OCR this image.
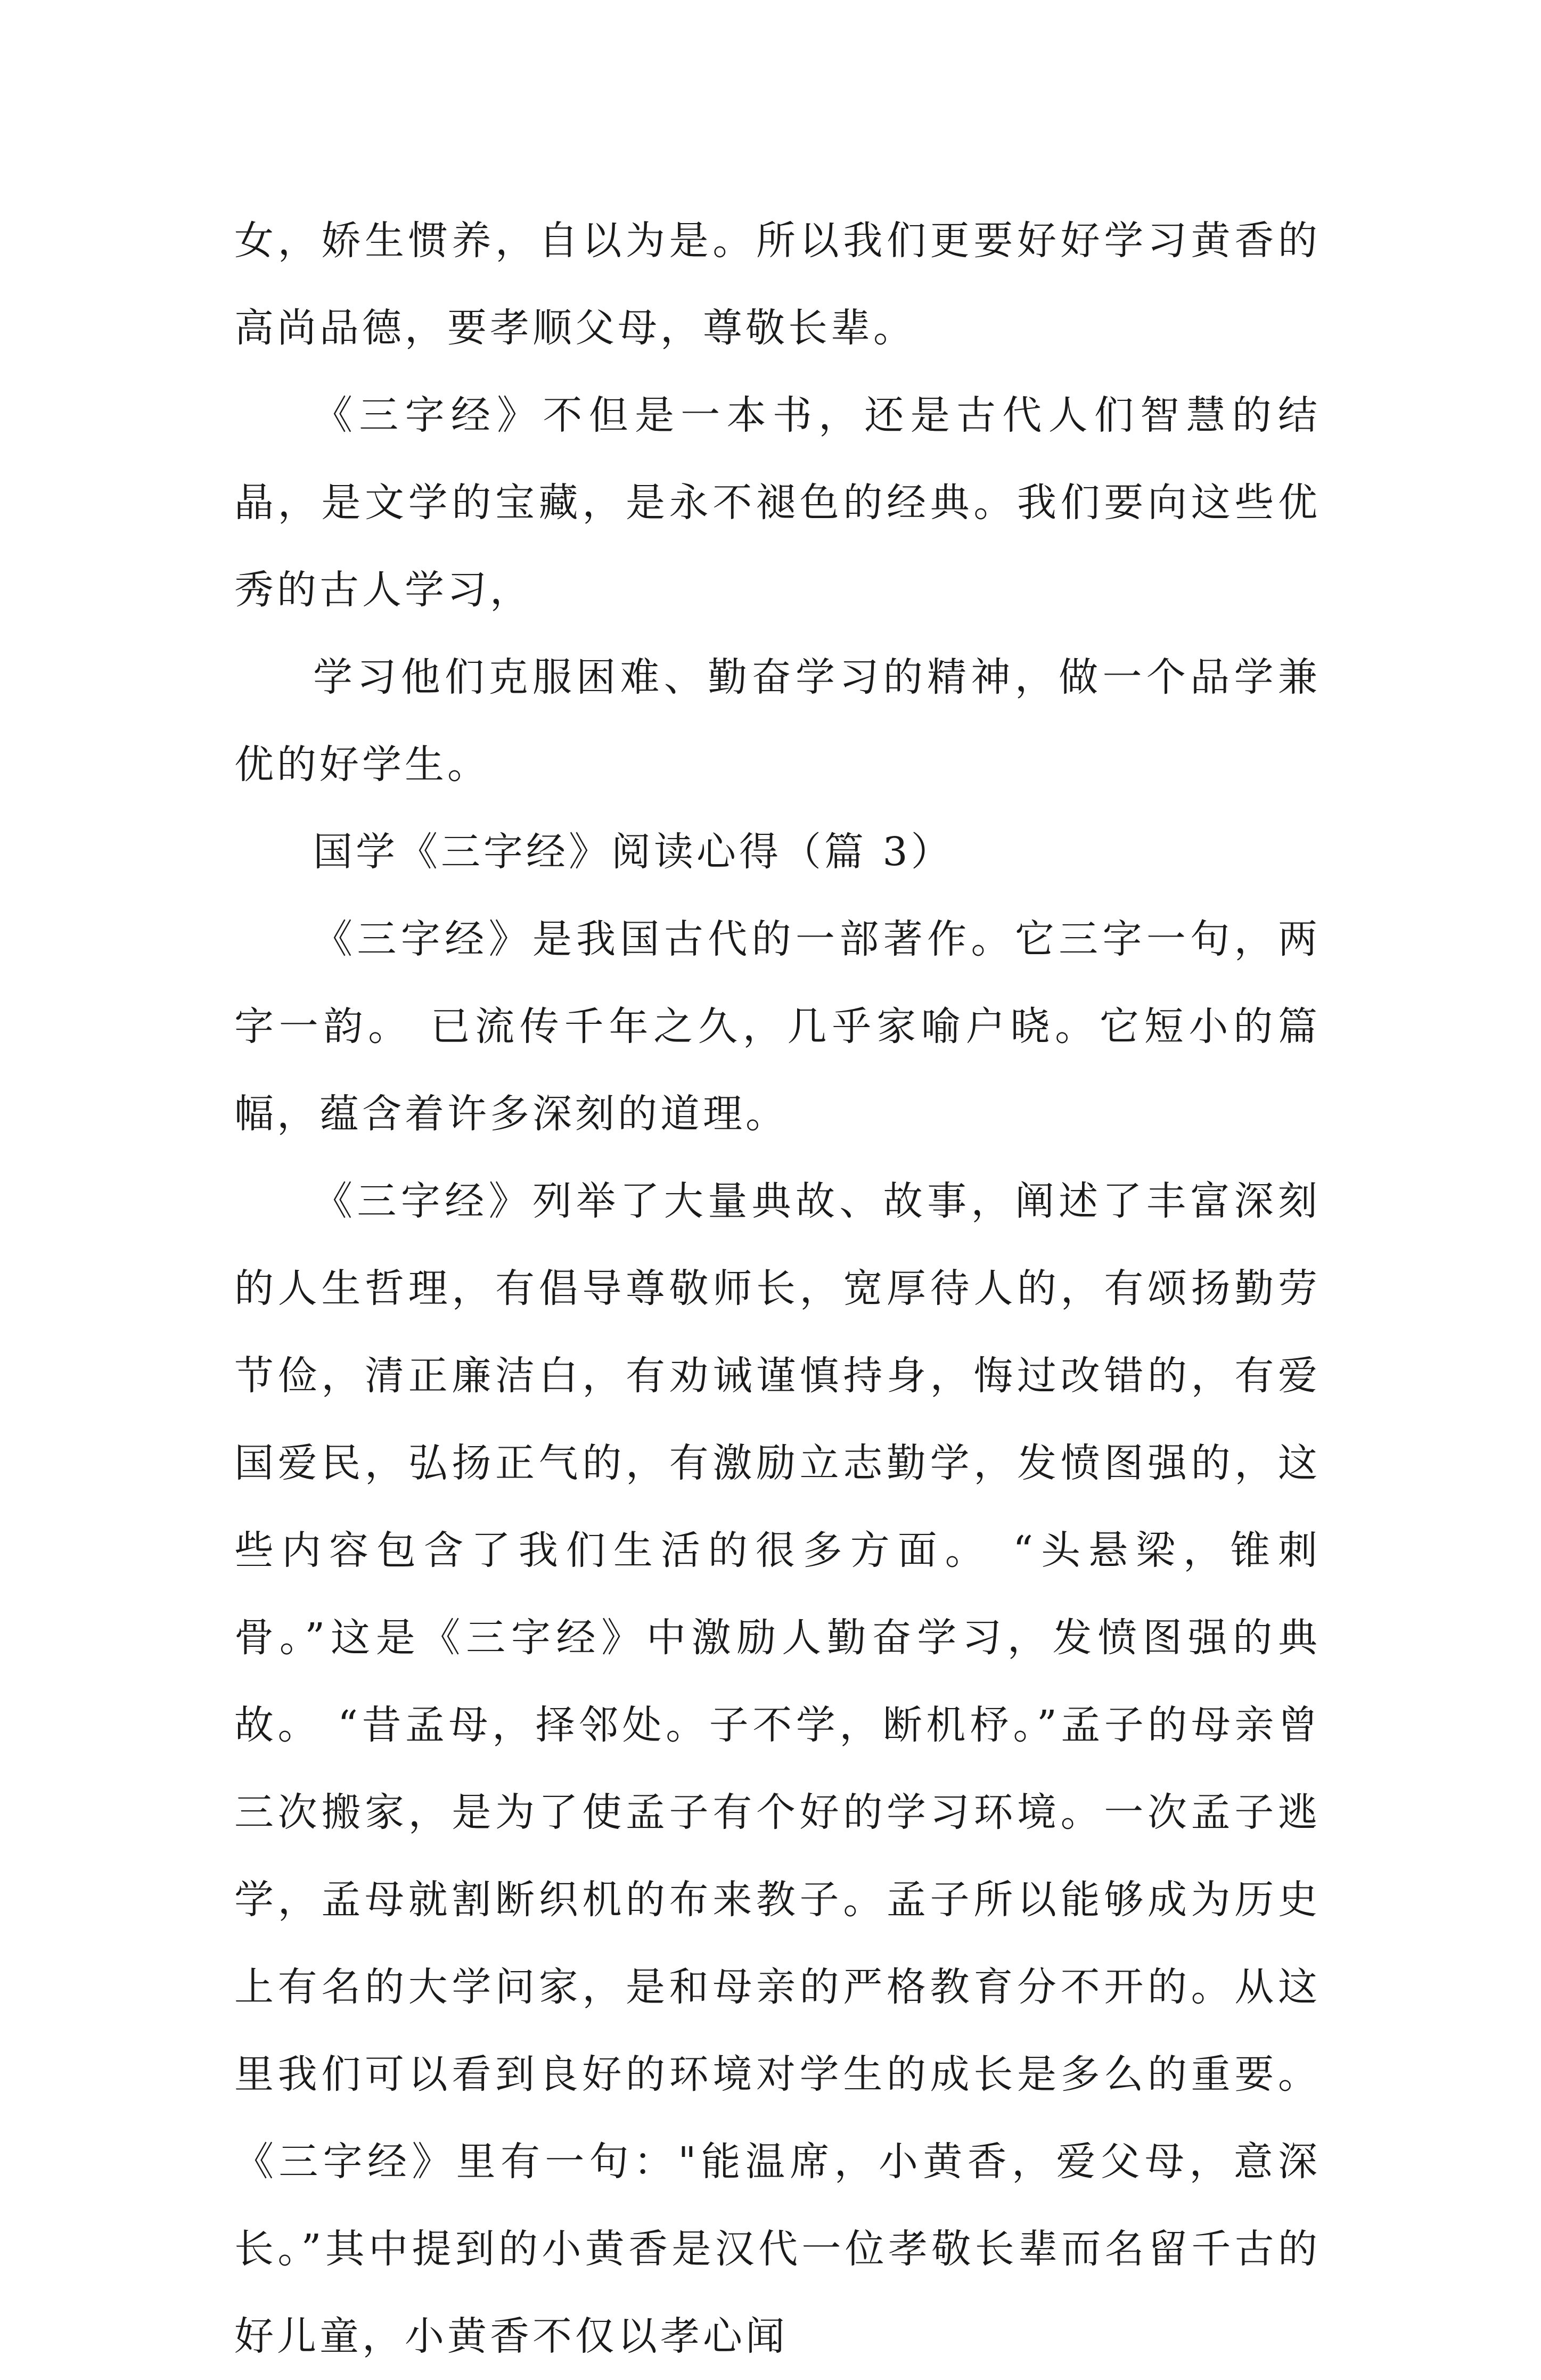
女，娇生惯养，自以为是。所以我们更要好好学习黄香的高尚品德，要孝顺父母，尊敬长辈。

《三字经》不但是一本书，还是古代人们智慧的结晶，是文学的宝藏，是永不褪色的经典。我们要向这些优秀的古人学习，

学习他们克服困难、勤奋学习的精神，做一个品学兼优的好学生。

国学《三字经》阅读心得（篇 3）

《三字经》是我国古代的一部著作。它三字一句，两字一韵。 已流传千年之久，几乎家喻户晓。它短小的篇幅，蕴含着许多深刻的道理。

《三字经》列举了大量典故、故事，阐述了丰富深刻的人生哲理，有倡导尊敬师长，宽厚待人的，有颂扬勤劳节俭，清正廉洁白，有劝诫谨慎持身，悔过改错的，有爱国爱民，弘扬正气的，有激励立志勤学，发愤图强的，这些内容包含了我们生活的很多方面。 “头悬梁，锥刺骨。”这是《三字经》中激励人勤奋学习，发愤图强的典故。 “昔孟母，择邻处。子不学，断机杼。”孟子的母亲曾三次搬家，是为了使孟子有个好的学习环境。一次孟子逃学，孟母就割断织机的布来教子。孟子所以能够成为历史上有名的大学问家，是和母亲的严格教育分不开的。从这里我们可以看到良好的环境对学生的成长是多么的重要。 《三字经》里有一句："能温席，小黄香，爱父母，意深长。”其中提到的小黄香是汉代一位孝敬长辈而名留千古的好儿童，小黄香不仅以孝心闻
